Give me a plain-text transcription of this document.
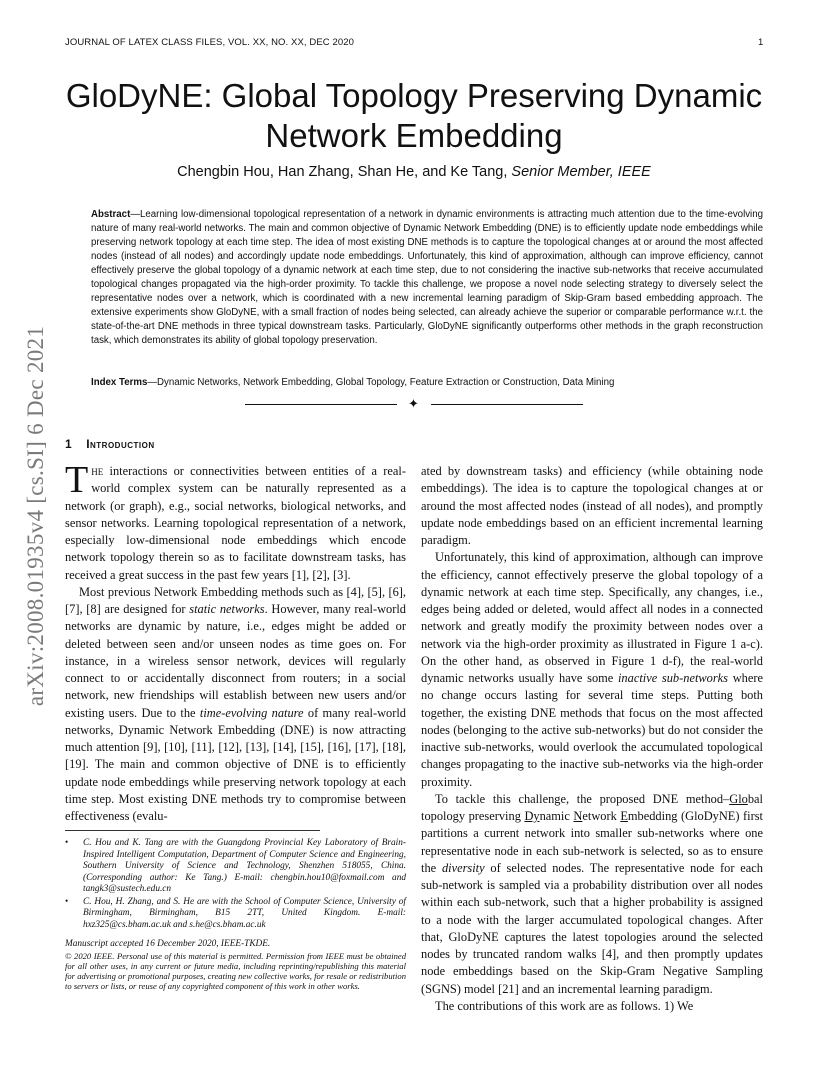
JOURNAL OF LATEX CLASS FILES, VOL. XX, NO. XX, DEC 2020	1
arXiv:2008.01935v4 [cs.SI] 6 Dec 2021
GloDyNE: Global Topology Preserving Dynamic Network Embedding
Chengbin Hou, Han Zhang, Shan He, and Ke Tang, Senior Member, IEEE
Abstract—Learning low-dimensional topological representation of a network in dynamic environments is attracting much attention due to the time-evolving nature of many real-world networks. The main and common objective of Dynamic Network Embedding (DNE) is to efficiently update node embeddings while preserving network topology at each time step. The idea of most existing DNE methods is to capture the topological changes at or around the most affected nodes (instead of all nodes) and accordingly update node embeddings. Unfortunately, this kind of approximation, although can improve efficiency, cannot effectively preserve the global topology of a dynamic network at each time step, due to not considering the inactive sub-networks that receive accumulated topological changes propagated via the high-order proximity. To tackle this challenge, we propose a novel node selecting strategy to diversely select the representative nodes over a network, which is coordinated with a new incremental learning paradigm of Skip-Gram based embedding approach. The extensive experiments show GloDyNE, with a small fraction of nodes being selected, can already achieve the superior or comparable performance w.r.t. the state-of-the-art DNE methods in three typical downstream tasks. Particularly, GloDyNE significantly outperforms other methods in the graph reconstruction task, which demonstrates its ability of global topology preservation.
Index Terms—Dynamic Networks, Network Embedding, Global Topology, Feature Extraction or Construction, Data Mining
✦
1 Introduction

The interactions or connectivities between entities of a real-world complex system can be naturally represented as a network (or graph), e.g., social networks, biological networks, and sensor networks. Learning topological representation of a network, especially low-dimensional node embeddings which encode network topology therein so as to facilitate downstream tasks, has received a great success in the past few years [1], [2], [3].

Most previous Network Embedding methods such as [4], [5], [6], [7], [8] are designed for static networks. However, many real-world networks are dynamic by nature, i.e., edges might be added or deleted between seen and/or unseen nodes as time goes on. For instance, in a wireless sensor network, devices will regularly connect to or accidentally disconnect from routers; in a social network, new friendships will establish between new users and/or existing users. Due to the time-evolving nature of many real-world networks, Dynamic Network Embedding (DNE) is now attracting much attention [9], [10], [11], [12], [13], [14], [15], [16], [17], [18], [19]. The main and common objective of DNE is to efficiently update node embeddings while preserving network topology at each time step. Most existing DNE methods try to compromise between effectiveness (evalu-

• C. Hou and K. Tang are with the Guangdong Provincial Key Laboratory of Brain-Inspired Intelligent Computation, Department of Computer Science and Engineering, Southern University of Science and Technology, Shenzhen 518055, China. (Corresponding author: Ke Tang.) E-mail: chengbin.hou10@foxmail.com and tangk3@sustech.edu.cn
• C. Hou, H. Zhang, and S. He are with the School of Computer Science, University of Birmingham, Birmingham, B15 2TT, United Kingdom. E-mail: hxz325@cs.bham.ac.uk and s.he@cs.bham.ac.uk
Manuscript accepted 16 December 2020, IEEE-TKDE.
© 2020 IEEE. Personal use of this material is permitted. Permission from IEEE must be obtained for all other uses, in any current or future media, including reprinting/republishing this material for advertising or promotional purposes, creating new collective works, for resale or redistribution to servers or lists, or reuse of any copyrighted component of this work in other works.

ated by downstream tasks) and efficiency (while obtaining node embeddings). The idea is to capture the topological changes at or around the most affected nodes (instead of all nodes), and promptly update node embeddings based on an efficient incremental learning paradigm.

Unfortunately, this kind of approximation, although can improve the efficiency, cannot effectively preserve the global topology of a dynamic network at each time step. Specifically, any changes, i.e., edges being added or deleted, would affect all nodes in a connected network and greatly modify the proximity between nodes over a network via the high-order proximity as illustrated in Figure 1 a-c). On the other hand, as observed in Figure 1 d-f), the real-world dynamic networks usually have some inactive sub-networks where no change occurs lasting for several time steps. Putting both together, the existing DNE methods that focus on the most affected nodes (belonging to the active sub-networks) but do not consider the inactive sub-networks, would overlook the accumulated topological changes propagating to the inactive sub-networks via the high-order proximity.

To tackle this challenge, the proposed DNE method–Global topology preserving Dynamic Network Embedding (GloDyNE) first partitions a current network into smaller sub-networks where one representative node in each sub-network is selected, so as to ensure the diversity of selected nodes. The representative node for each sub-network is sampled via a probability distribution over all nodes within each sub-network, such that a higher probability is assigned to a node with the larger accumulated topological changes. After that, GloDyNE captures the latest topologies around the selected nodes by truncated random walks [4], and then promptly updates node embeddings based on the Skip-Gram Negative Sampling (SGNS) model [21] and an incremental learning paradigm.

The contributions of this work are as follows. 1) We
